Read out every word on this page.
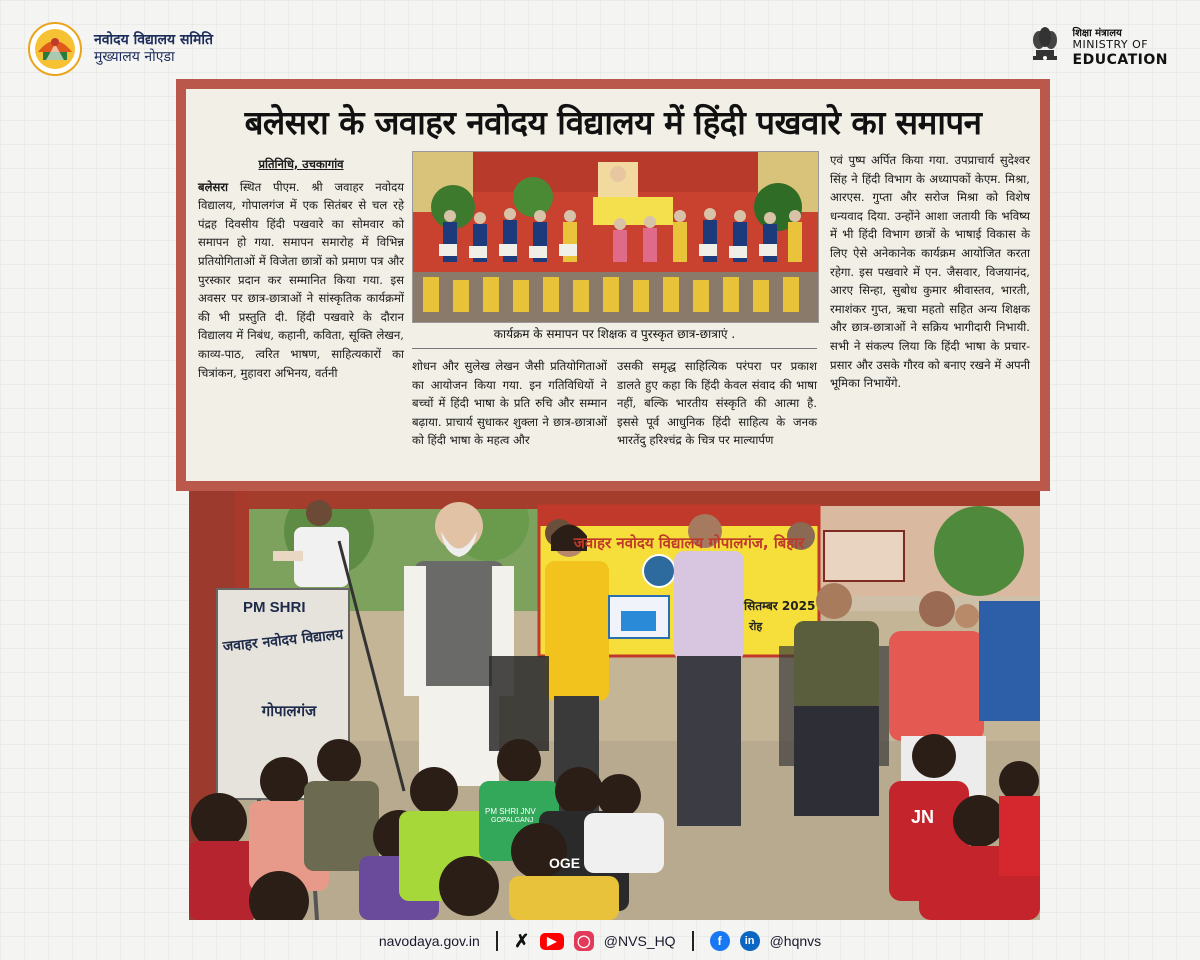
नवोदय विद्यालय समिति
मुख्यालय नोएडा
शिक्षा मंत्रालय
MINISTRY OF
EDUCATION
बलेसरा के जवाहर नवोदय विद्यालय में हिंदी पखवारे का समापन
प्रतिनिधि, उचकागांव
बलेसरा स्थित पीएम. श्री जवाहर नवोदय विद्यालय, गोपालगंज में एक सितंबर से चल रहे पंद्रह दिवसीय हिंदी पखवारे का सोमवार को समापन हो गया. समापन समारोह में विभिन्न प्रतियोगिताओं में विजेता छात्रों को प्रमाण पत्र और पुरस्कार प्रदान कर सम्मानित किया गया. इस अवसर पर छात्र-छात्राओं ने सांस्कृतिक कार्यक्रमों की भी प्रस्तुति दी. हिंदी पखवारे के दौरान विद्यालय में निबंध, कहानी, कविता, सूक्ति लेखन, काव्य-पाठ, त्वरित भाषण, साहित्यकारों का चित्रांकन, मुहावरा अभिनय, वर्तनी
कार्यक्रम के समापन पर शिक्षक व पुरस्कृत छात्र-छात्राएं .
शोधन और सुलेख लेखन जैसी प्रतियोगिताओं का आयोजन किया गया. इन गतिविधियों ने बच्चों में हिंदी भाषा के प्रति रुचि और सम्मान बढ़ाया. प्राचार्य सुधाकर शुक्ला ने छात्र-छात्राओं को हिंदी भाषा के महत्व और
उसकी समृद्ध साहित्यिक परंपरा पर प्रकाश डालते हुए कहा कि हिंदी केवल संवाद की भाषा नहीं, बल्कि भारतीय संस्कृति की आत्मा है. इससे पूर्व आधुनिक हिंदी साहित्य के जनक भारतेंदु हरिश्चंद्र के चित्र पर माल्यार्पण
एवं पुष्प अर्पित किया गया. उपप्राचार्य सुदेश्वर सिंह ने हिंदी विभाग के अध्यापकों केएम. मिश्रा, आरएस. गुप्ता और सरोज मिश्रा को विशेष धन्यवाद दिया. उन्होंने आशा जतायी कि भविष्य में भी हिंदी विभाग छात्रों के भाषाई विकास के लिए ऐसे अनेकानेक कार्यक्रम आयोजित करता रहेगा. इस पखवारे में एन. जैसवार, विजयानंद, आरए सिन्हा, सुबोध कुमार श्रीवास्तव, भारती, रमाशंकर गुप्त, ऋचा महतो सहित अन्य शिक्षक और छात्र-छात्राओं ने सक्रिय भागीदारी निभायी. सभी ने संकल्प लिया कि हिंदी भाषा के प्रचार-प्रसार और उसके गौरव को बनाए रखने में अपनी भूमिका निभायेंगे.
PM SHRI
जवाहर नवोदय विद्यालय
गोपालगंज
जवाहर नवोदय विद्यालय गोपालगंज, बिहार
सितम्बर 2025
रोह
PM SHRI JNV
GOPALGANJ	JN
OGE
navodaya.gov.in ✗	▶	◯ @NVS_HQ	f	in	@hqnvs
